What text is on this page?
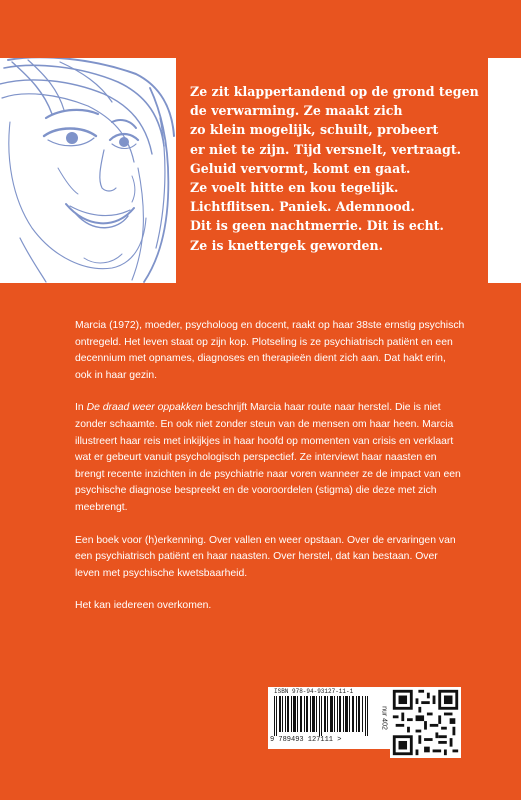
Ze zit klappertandend op de grond tegen
de verwarming. Ze maakt zich
zo klein mogelijk, schuilt, probeert
er niet te zijn. Tijd versnelt, vertraagt.
Geluid vervormt, komt en gaat.
Ze voelt hitte en kou tegelijk.
Lichtflitsen. Paniek. Ademnood.
Dit is geen nachtmerrie. Dit is echt.
Ze is knettergek geworden.

Marcia (1972), moeder, psycholoog en docent, raakt op haar 38ste ernstig psychisch ontregeld. Het leven staat op zijn kop. Plotseling is ze psychiatrisch patiënt en een decennium met opnames, diagnoses en therapieën dient zich aan. Dat hakt erin, ook in haar gezin.

In De draad weer oppakken beschrijft Marcia haar route naar herstel. Die is niet zonder schaamte. En ook niet zonder steun van de mensen om haar heen. Marcia illustreert haar reis met inkijkjes in haar hoofd op momenten van crisis en verklaart wat er gebeurt vanuit psychologisch perspectief. Ze interviewt haar naasten en brengt recente inzichten in de psychiatrie naar voren wanneer ze de impact van een psychische diagnose bespreekt en de vooroordelen (stigma) die deze met zich meebrengt.

Een boek voor (h)erkenning. Over vallen en weer opstaan. Over de ervaringen van een psychiatrisch patiënt en haar naasten. Over herstel, dat kan bestaan. Over leven met psychische kwetsbaarheid.

Het kan iedereen overkomen.

ISBN 978-94-93127-11-1
9 789493 127111 >
nur 402
